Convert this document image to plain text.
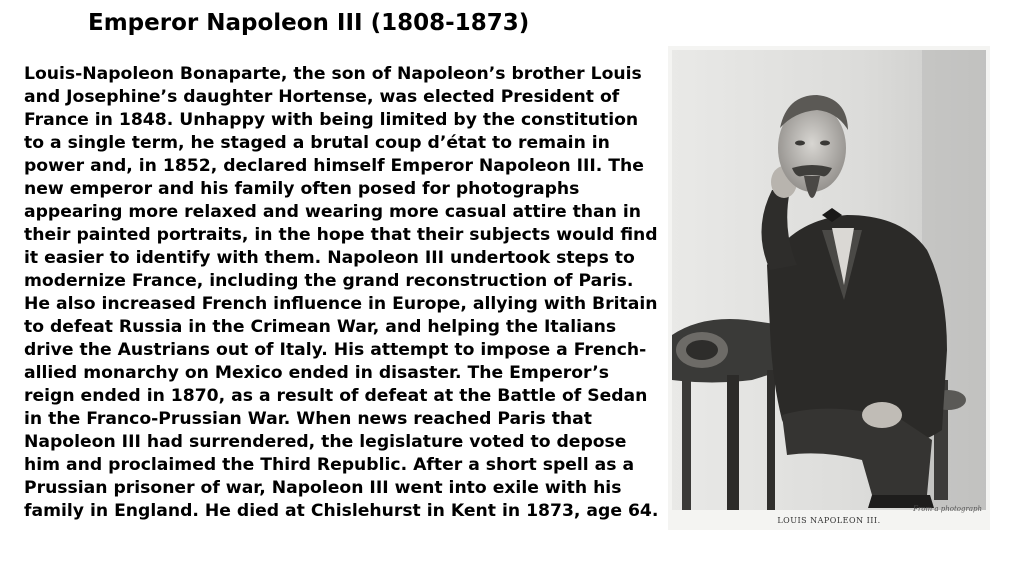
Emperor Napoleon III (1808-1873)

Louis-Napoleon Bonaparte, the son of Napoleon’s brother Louis and Josephine’s daughter Hortense, was elected President of France in 1848. Unhappy with being limited by the constitution to a single term, he staged a brutal coup d’état to remain in power and, in 1852, declared himself Emperor Napoleon III. The new emperor and his family often posed for photographs appearing more relaxed and wearing more casual attire than in their painted portraits, in the hope that their subjects would find it easier to identify with them. Napoleon III undertook steps to modernize France, including the grand reconstruction of Paris. He also increased French influence in Europe, allying with Britain to defeat Russia in the Crimean War, and helping the Italians drive the Austrians out of Italy. His attempt to impose a French-allied monarchy on Mexico ended in disaster. The Emperor’s reign ended in 1870, as a result of defeat at the Battle of Sedan in the Franco-Prussian War. When news reached Paris that Napoleon III had surrendered, the legislature voted to depose him and proclaimed the Third Republic. After a short spell as a Prussian prisoner of war, Napoleon III went into exile with his family in England. He died at Chislehurst in Kent in 1873, age 64.	From a photograph
LOUIS NAPOLEON III.
